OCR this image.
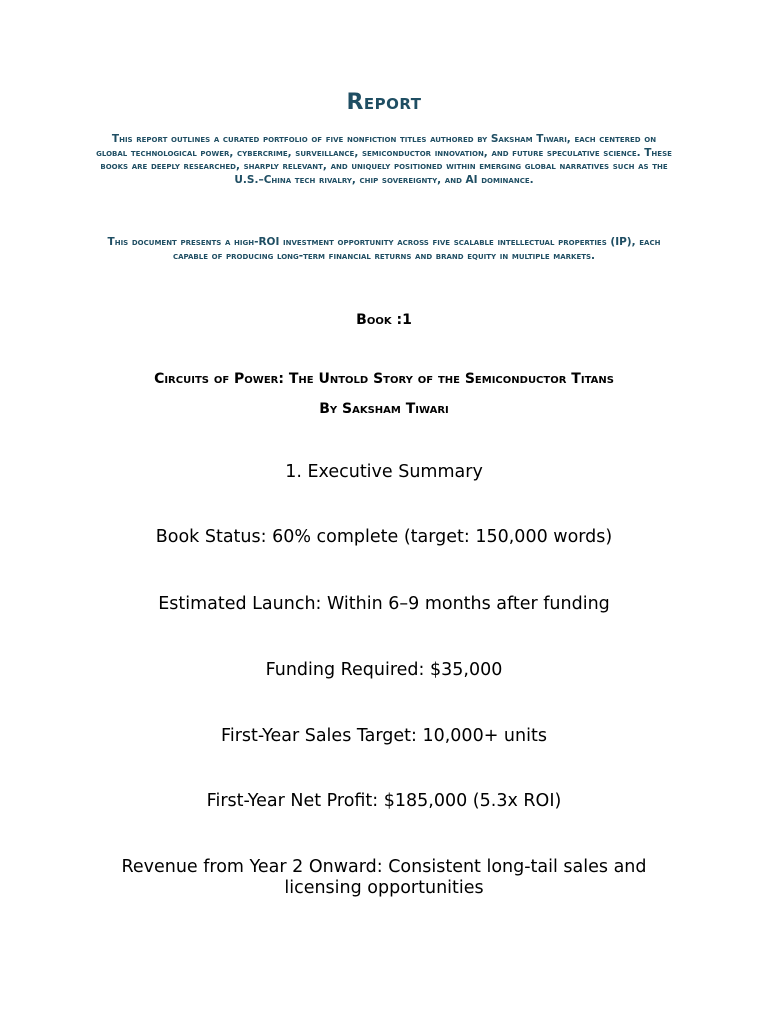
Report
This report outlines a curated portfolio of five nonfiction titles authored by Saksham Tiwari, each centered on global technological power, cybercrime, surveillance, semiconductor innovation, and future speculative science. These books are deeply researched, sharply relevant, and uniquely positioned within emerging global narratives such as the U.S.–China tech rivalry, chip sovereignty, and AI dominance.
This document presents a high-ROI investment opportunity across five scalable intellectual properties (IP), each capable of producing long-term financial returns and brand equity in multiple markets.
Book :1
Circuits of Power: The Untold Story of the Semiconductor Titans
By Saksham Tiwari
1. Executive Summary
Book Status: 60% complete (target: 150,000 words)
Estimated Launch: Within 6–9 months after funding
Funding Required: $35,000
First-Year Sales Target: 10,000+ units
First-Year Net Profit: $185,000 (5.3x ROI)
Revenue from Year 2 Onward: Consistent long-tail sales and licensing opportunities
